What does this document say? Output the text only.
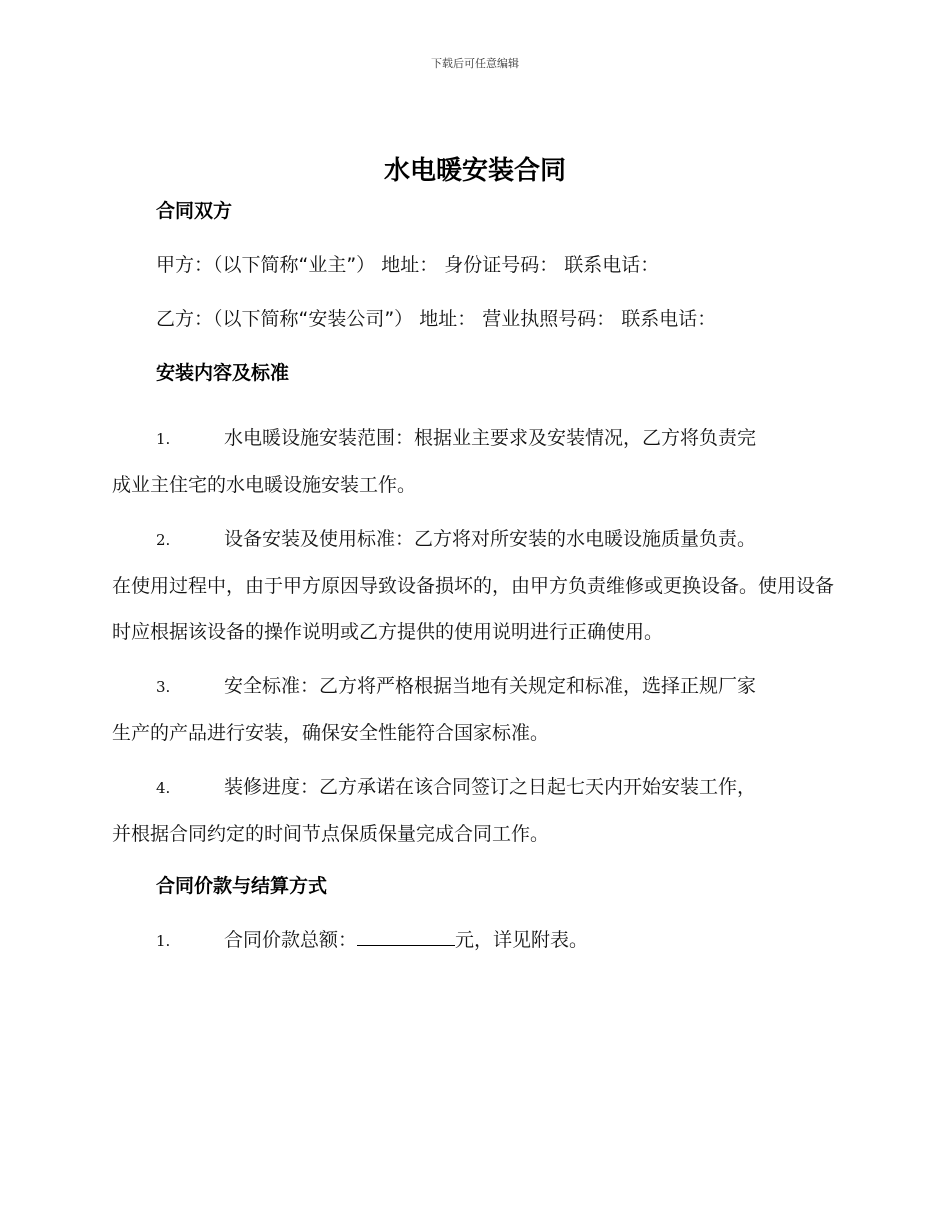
下载后可任意编辑
水电暖安装合同
合同双方
甲方：（以下简称“业主”） 地址： 身份证号码： 联系电话：
乙方：（以下简称“安装公司”） 地址： 营业执照号码： 联系电话：
安装内容及标准
1.	水电暖设施安装范围：根据业主要求及安装情况，乙方将负责完
成业主住宅的水电暖设施安装工作。
2.	设备安装及使用标准：乙方将对所安装的水电暖设施质量负责。
在使用过程中，由于甲方原因导致设备损坏的，由甲方负责维修或更换设备。使用设备时应根据该设备的操作说明或乙方提供的使用说明进行正确使用。
3.	安全标准：乙方将严格根据当地有关规定和标准，选择正规厂家
生产的产品进行安装，确保安全性能符合国家标准。
4.	装修进度：乙方承诺在该合同签订之日起七天内开始安装工作，
并根据合同约定的时间节点保质保量完成合同工作。
合同价款与结算方式
1.	合同价款总额：	元，详见附表。
